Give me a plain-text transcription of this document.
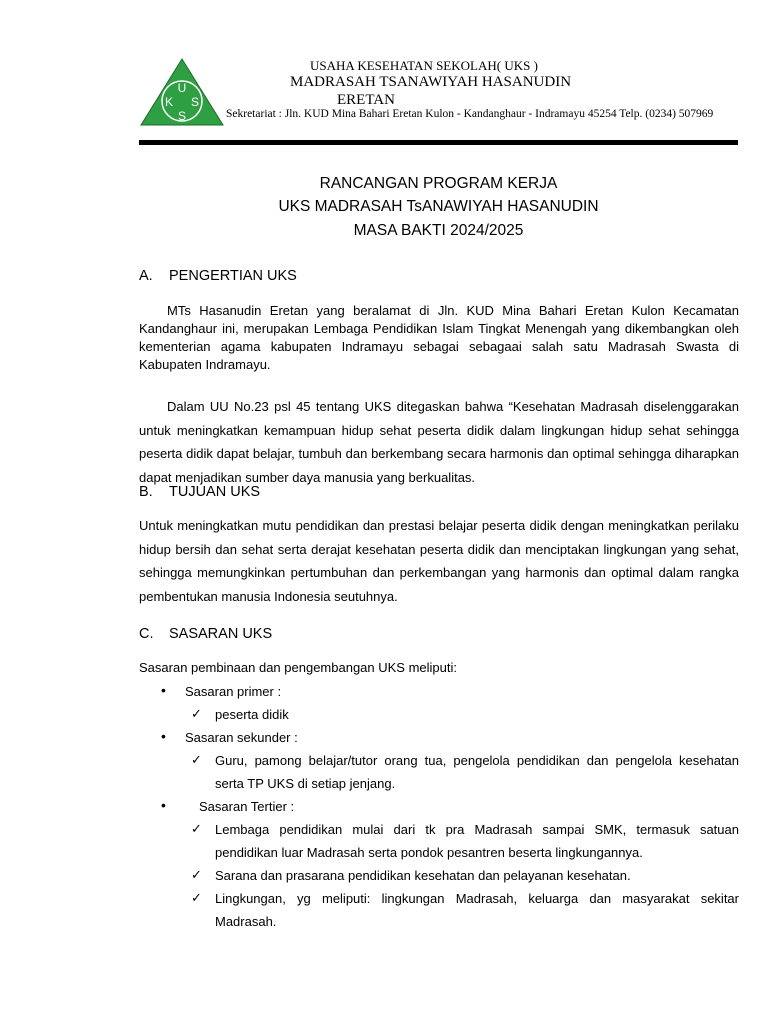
U
K S
S
USAHA KESEHATAN SEKOLAH( UKS )
MADRASAH TSANAWIYAH HASANUDIN
ERETAN
Sekretariat : Jln. KUD Mina Bahari Eretan Kulon - Kandanghaur - Indramayu 45254 Telp. (0234) 507969
RANCANGAN PROGRAM KERJA
UKS MADRASAH TsANAWIYAH HASANUDIN
MASA BAKTI 2024/2025
A. PENGERTIAN UKS

MTs Hasanudin Eretan yang beralamat di Jln. KUD Mina Bahari Eretan Kulon Kecamatan Kandanghaur ini, merupakan Lembaga Pendidikan Islam Tingkat Menengah yang dikembangkan oleh kementerian agama kabupaten Indramayu sebagai sebagaai salah satu Madrasah Swasta di Kabupaten Indramayu.

Dalam UU No.23 psl 45 tentang UKS ditegaskan bahwa “Kesehatan Madrasah diselenggarakan untuk meningkatkan kemampuan hidup sehat peserta didik dalam lingkungan hidup sehat sehingga peserta didik dapat belajar, tumbuh dan berkembang secara harmonis dan optimal sehingga diharapkan dapat menjadikan sumber daya manusia yang berkualitas.

B. TUJUAN UKS

Untuk meningkatkan mutu pendidikan dan prestasi belajar peserta didik dengan meningkatkan perilaku hidup bersih dan sehat serta derajat kesehatan peserta didik dan menciptakan lingkungan yang sehat, sehingga memungkinkan pertumbuhan dan perkembangan yang harmonis dan optimal dalam rangka pembentukan manusia Indonesia seutuhnya.

C. SASARAN UKS
Sasaran pembinaan dan pengembangan UKS meliputi:
• Sasaran primer :
✓ peserta didik
• Sasaran sekunder :
✓ Guru, pamong belajar/tutor orang tua, pengelola pendidikan dan pengelola kesehatan serta TP UKS di setiap jenjang.
•	Sasaran Tertier :
✓ Lembaga pendidikan mulai dari tk pra Madrasah sampai SMK, termasuk satuan pendidikan luar Madrasah serta pondok pesantren beserta lingkungannya.
✓ Sarana dan prasarana pendidikan kesehatan dan pelayanan kesehatan.
✓ Lingkungan, yg meliputi: lingkungan Madrasah, keluarga dan masyarakat sekitar Madrasah.
